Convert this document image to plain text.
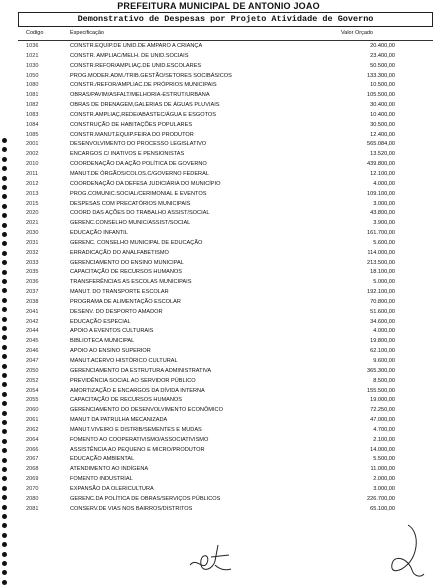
PREFEITURA MUNICIPAL DE ANTONIO JOAO
Demonstrativo de Despesas por Projeto Atividade de Governo
Codigo	Especificação	Valor Orçado
1036	CONSTR.EQUIP.DE UNID.DE AMPARO A CRIANÇA	20.400,00
1021	CONSTR. AMPLIAC/MELH. DE UNID.SOCIAIS	23.400,00
1030	CONSTR.REFOR/AMPLIAÇ.DE UNID.ESCOLARES	50.500,00
1050	PROG.MODER.ADM./TRIB.GESTÃO/SETORES SOCIBÁSICOS	133.300,00
1080	CONSTR./REFOR/AMPLIAC.DE PRÓPRIOS MUNICIPAIS	10.500,00
1081	OBRAS/PAVIM/ASFALT/MELHORIA-ESTRUT/URBANA	105.500,00
1082	OBRAS DE DRENAGEM,GALERIAS DE ÁGUAS PLUVIAIS	30.400,00
1083	CONSTR.AMPLIAÇ,REDE/ABASTEC/ÁGUA E ESGOTOS	10.400,00
1084	CONSTRUÇÃO DE HABITAÇÕES POPULARES	30.500,00
1085	CONSTR.MANUT.EQUIP.FEIRA DO PRODUTOR	12.400,00
2001	DESENVOLVIMENTO DO PROCESSO LEGISLATIVO	565.084,00
2002	ENCARGOS C/ INATIVOS E PENSIONISTAS	13.520,00
2010	COORDENAÇÃO DA AÇÃO POLÍTICA DE GOVERNO	439.800,00
2011	MANUT.DE ÓRGÃOS/COLOS.C/GOVERNO FEDERAL	12.100,00
2012	COORDENAÇÃO DA DEFESA JUDICIÁRIA DO MUNICÍPIO	4.000,00
2013	PROG.COMUNIC.SOCIAL/CERIMONIAL E EVENTOS	109.100,00
2015	DESPESAS COM PRECATÓRIOS MUNICIPAIS	3.000,00
2020	COORD DAS AÇÕES DO TRABALHO ASSIST/SOCIAL	43.800,00
2021	GERENC.CONSELHO MUNIC/ASSIST/SOCIAL	3.900,00
2030	EDUCAÇÃO INFANTIL	161.700,00
2031	GERENC. CONSELHO MUNICIPAL DE EDUCAÇÃO	5.600,00
2032	ERRADICAÇÃO DO ANALFABETISMO	114.000,00
2033	GERENCIAMENTO DO ENSINO MUNICIPAL	213.500,00
2035	CAPACITAÇÃO DE RECURSOS HUMANOS	18.100,00
2036	TRANSFERÊNCIAS AS ESCOLAS MUNICIPAIS	5.000,00
2037	MANUT. DO TRANSPORTE ESCOLAR	192.100,00
2038	PROGRAMA DE ALIMENTAÇÃO ESCOLAR	70.800,00
2041	DESENV. DO DESPORTO AMADOR	51.600,00
2042	EDUCAÇÃO ESPECIAL	34.600,00
2044	APOIO A EVENTOS CULTURAIS	4.000,00
2045	BIBLIOTECA MUNICIPAL	19.800,00
2046	APOIO AO ENSINO SUPERIOR	62.100,00
2047	MANUT.ACERVO HISTÓRICO CULTURAL	9.600,00
2050	GERENCIAMENTO DA ESTRUTURA ADMINISTRATIVA	365.300,00
2052	PREVIDÊNCIA SOCIAL AO SERVIDOR PÚBLICO	8.500,00
2054	AMORTIZAÇÃO E ENCARGOS DA DÍVIDA INTERNA	155.500,00
2055	CAPACITAÇÃO DE RECURSOS HUMANOS	19.000,00
2060	GERENCIAMENTO DO DESENVOLVIMENTO ECONÔMICO	72.250,00
2061	MANUT DA PATRULHA MECANIZADA	47.000,00
2062	MANUT.VIVEIRO E DISTRIB/SEMENTES E MUDAS	4.700,00
2064	FOMENTO AO COOPERATIVISMO/ASSOCIATIVISMO	2.100,00
2066	ASSISTÊNCIA AO PEQUENO E MICRO/PRODUTOR	14.000,00
2067	EDUCAÇÃO AMBIENTAL	5.500,00
2068	ATENDIMENTO AO INDÍGENA	11.000,00
2069	FOMENTO INDUSTRIAL	2.000,00
2070	EXPANSÃO DA OLERICULTURA	3.000,00
2080	GERENC.DA POLÍTICA DE OBRAS/SERVIÇOS PÚBLICOS	226.700,00
2081	CONSERV.DE VIAS NOS BAIRROS/DISTRITOS	65.100,00
